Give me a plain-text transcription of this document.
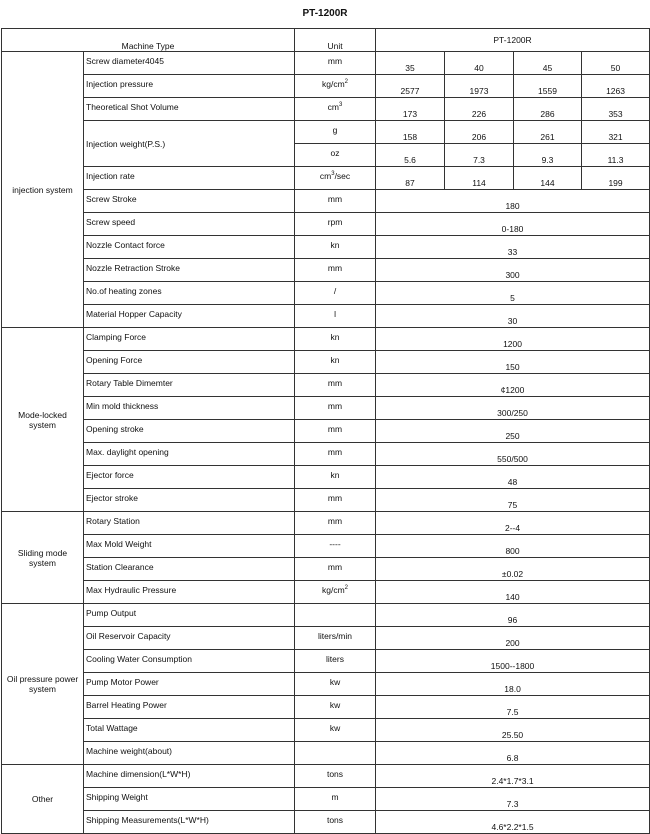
PT-1200R
Machine Type		Unit	PT-1200R			
injection system	Screw diameter4045	mm	35	40	45	50
	Injection pressure	$kg/cm^2$	2577	1973	1559	1263
	Theoretical Shot Volume	$cm^3$	173	226	286	353
	Injection weight(P.S.)	g	158	206	261	321
		oz	5.6	7.3	9.3	11.3
	Injection rate	$cm^3/\sec$	87	114	144	199
	Screw Stroke	mm	180			
	Screw speed	rpm	0-180			
	Nozzle Contact force	kn	33			
	Nozzle Retraction Stroke	mm	300			
	No.of heating zones	/	5			
	Material Hopper Capacity	l	30			
Mode-locked system	Clamping Force	kn	1200			
	Opening Force	kn	150			
	Rotary Table Dimemter	mm	¢1200			
	Min mold thickness	mm	300/250			
	Opening stroke	mm	250			
	Max. daylight opening	mm	550/500			
	Ejector force	kn	48			
	Ejector stroke	mm	75			
Sliding mode system	Rotary Station	mm	2--4			
	Max Mold Weight	----	800			
	Station Clearance	mm	±0.02			
	Max Hydraulic Pressure	$kg/cm^2$	140			
Oil pressure power system	Pump Output		96			
	Oil Reservoir Capacity	liters/min	200			
	Cooling Water Consumption	liters	1500--1800			
	Pump Motor Power	kw	18.0			
	Barrel Heating Power	kw	7.5			
	Total Wattage	kw	25.50			
	Machine weight(about)		6.8			
Other	Machine dimension(L*W*H)	tons	2.4*1.7*3.1			
	Shipping Weight	m	7.3			
	Shipping Measurements(L*W*H)	tons	4.6*2.2*1.5			
